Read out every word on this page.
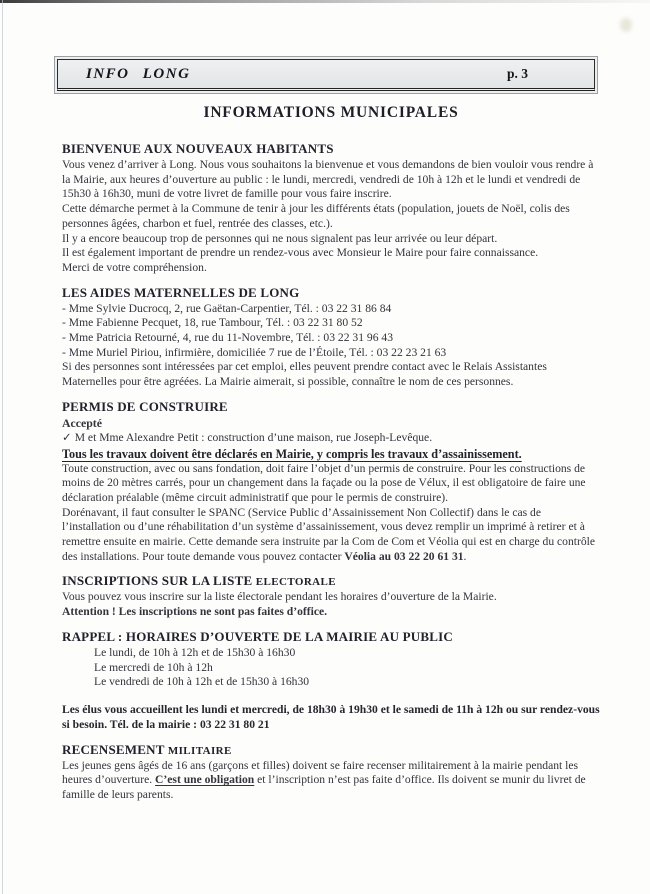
INFO LONG	p. 3
INFORMATIONS MUNICIPALES
BIENVENUE AUX NOUVEAUX HABITANTS

Vous venez d’arriver à Long. Nous vous souhaitons la bienvenue et vous demandons de bien vouloir vous rendre à la Mairie, aux heures d’ouverture au public : le lundi, mercredi, vendredi de 10h à 12h et le lundi et vendredi de 15h30 à 16h30, muni de votre livret de famille pour vous faire inscrire.

Cette démarche permet à la Commune de tenir à jour les différents états (population, jouets de Noël, colis des personnes âgées, charbon et fuel, rentrée des classes, etc.).

Il y a encore beaucoup trop de personnes qui ne nous signalent pas leur arrivée ou leur départ.

Il est également important de prendre un rendez-vous avec Monsieur le Maire pour faire connaissance.

Merci de votre compréhension.

LES AIDES MATERNELLES DE LONG
- Mme Sylvie Ducrocq, 2, rue Gaëtan-Carpentier, Tél. : 03 22 31 86 84
- Mme Fabienne Pecquet, 18, rue Tambour, Tél. : 03 22 31 80 52
- Mme Patricia Retourné, 4, rue du 11-Novembre, Tél. : 03 22 31 96 43
- Mme Muriel Piriou, infirmière, domiciliée 7 rue de l’Étoile, Tél. : 03 22 23 21 63

Si des personnes sont intéressées par cet emploi, elles peuvent prendre contact avec le Relais Assistantes Maternelles pour être agréées. La Mairie aimerait, si possible, connaître le nom de ces personnes.

PERMIS DE CONSTRUIRE

Accepté

✓ M et Mme Alexandre Petit : construction d’une maison, rue Joseph-Levêque.

Tous les travaux doivent être déclarés en Mairie, y compris les travaux d’assainissement.

Toute construction, avec ou sans fondation, doit faire l’objet d’un permis de construire. Pour les constructions de moins de 20 mètres carrés, pour un changement dans la façade ou la pose de Vélux, il est obligatoire de faire une déclaration préalable (même circuit administratif que pour le permis de construire).

Dorénavant, il faut consulter le SPANC (Service Public d’Assainissement Non Collectif) dans le cas de l’installation ou d’une réhabilitation d’un système d’assainissement, vous devez remplir un imprimé à retirer et à remettre ensuite en mairie. Cette demande sera instruite par la Com de Com et Véolia qui est en charge du contrôle des installations. Pour toute demande vous pouvez contacter Véolia au 03 22 20 61 31.

INSCRIPTIONS SUR LA LISTE ELECTORALE

Vous pouvez vous inscrire sur la liste électorale pendant les horaires d’ouverture de la Mairie.

Attention ! Les inscriptions ne sont pas faites d’office.

RAPPEL : HORAIRES D’OUVERTE DE LA MAIRIE AU PUBLIC
Le lundi, de 10h à 12h et de 15h30 à 16h30
Le mercredi de 10h à 12h
Le vendredi de 10h à 12h et de 15h30 à 16h30

Les élus vous accueillent les lundi et mercredi, de 18h30 à 19h30 et le samedi de 11h à 12h ou sur rendez-vous si besoin. Tél. de la mairie : 03 22 31 80 21

RECENSEMENT MILITAIRE

Les jeunes gens âgés de 16 ans (garçons et filles) doivent se faire recenser militairement à la mairie pendant les heures d’ouverture. C’est une obligation et l’inscription n’est pas faite d’office. Ils doivent se munir du livret de famille de leurs parents.
